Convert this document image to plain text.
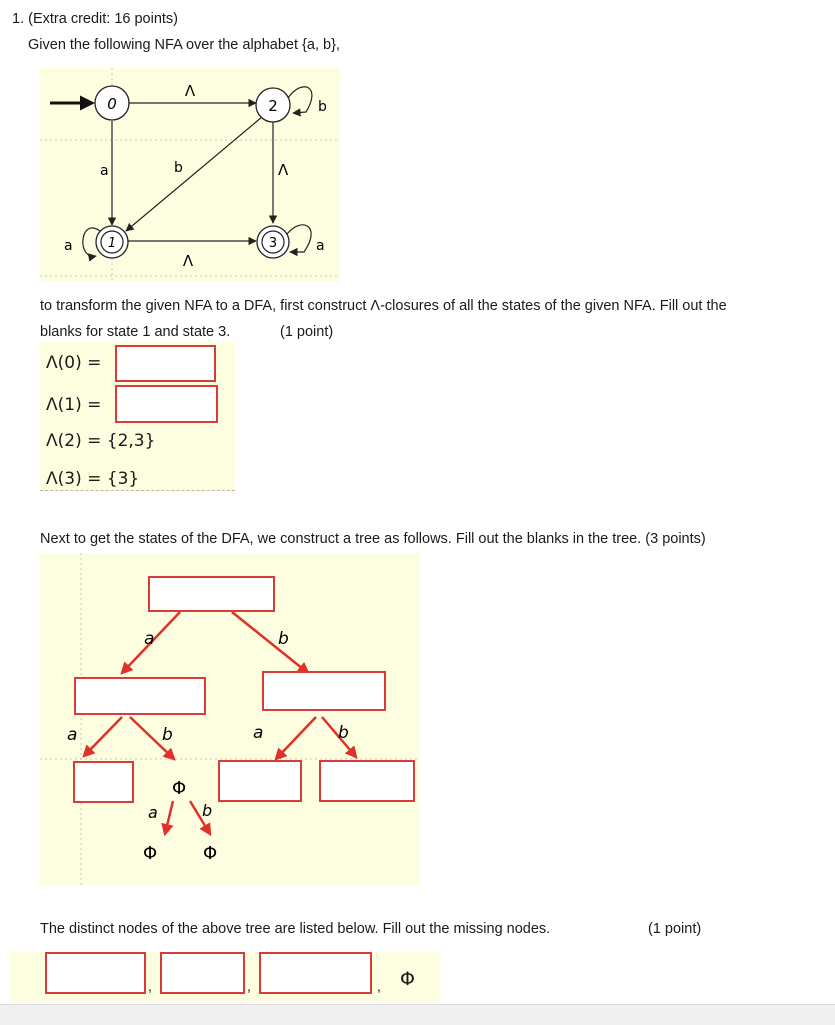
1. (Extra credit: 16 points)
Given the following NFA over the alphabet {a, b},
0
1
2
3
Λ
b
a	b	Λ
a
Λ
a
to transform the given NFA to a DFA, first construct Λ-closures of all the states of the given NFA. Fill out the
blanks for state 1 and state 3.	(1 point)
Λ(0) =
Λ(1) =
Λ(2) = {2,3}
Λ(3) = {3}
Next to get the states of the DFA, we construct a tree as follows. Fill out the blanks in the tree. (3 points)
a	b
a	b	a	b
Φ
a	b
Φ	Φ
The distinct nodes of the above tree are listed below. Fill out the missing nodes.	(1 point)
,	,	, Φ
